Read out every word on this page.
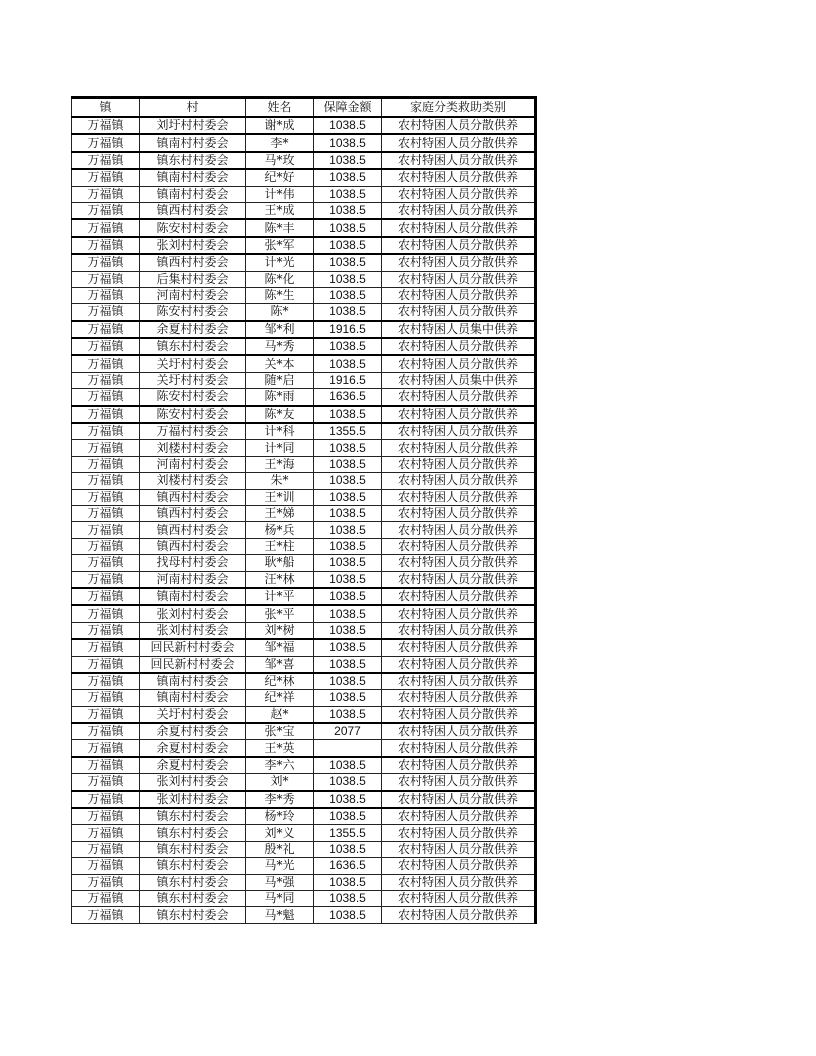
镇	村	姓名	保障金额	家庭分类救助类别
万福镇	刘圩村村委会	谢*成	1038.5	农村特困人员分散供养
万福镇	镇南村村委会	李*	1038.5	农村特困人员分散供养
万福镇	镇东村村委会	马*玫	1038.5	农村特困人员分散供养
万福镇	镇南村村委会	纪*好	1038.5	农村特困人员分散供养
万福镇	镇南村村委会	计*伟	1038.5	农村特困人员分散供养
万福镇	镇西村村委会	王*成	1038.5	农村特困人员分散供养
万福镇	陈安村村委会	陈*丰	1038.5	农村特困人员分散供养
万福镇	张刘村村委会	张*军	1038.5	农村特困人员分散供养
万福镇	镇西村村委会	计*光	1038.5	农村特困人员分散供养
万福镇	后集村村委会	陈*化	1038.5	农村特困人员分散供养
万福镇	河南村村委会	陈*生	1038.5	农村特困人员分散供养
万福镇	陈安村村委会	陈*	1038.5	农村特困人员分散供养
万福镇	余夏村村委会	邹*利	1916.5	农村特困人员集中供养
万福镇	镇东村村委会	马*秀	1038.5	农村特困人员分散供养
万福镇	关圩村村委会	关*本	1038.5	农村特困人员分散供养
万福镇	关圩村村委会	随*启	1916.5	农村特困人员集中供养
万福镇	陈安村村委会	陈*雨	1636.5	农村特困人员分散供养
万福镇	陈安村村委会	陈*友	1038.5	农村特困人员分散供养
万福镇	万福村村委会	计*科	1355.5	农村特困人员分散供养
万福镇	刘楼村村委会	计*同	1038.5	农村特困人员分散供养
万福镇	河南村村委会	王*海	1038.5	农村特困人员分散供养
万福镇	刘楼村村委会	朱*	1038.5	农村特困人员分散供养
万福镇	镇西村村委会	王*训	1038.5	农村特困人员分散供养
万福镇	镇西村村委会	王*娣	1038.5	农村特困人员分散供养
万福镇	镇西村村委会	杨*兵	1038.5	农村特困人员分散供养
万福镇	镇西村村委会	王*柱	1038.5	农村特困人员分散供养
万福镇	找母村村委会	耿*船	1038.5	农村特困人员分散供养
万福镇	河南村村委会	汪*林	1038.5	农村特困人员分散供养
万福镇	镇南村村委会	计*平	1038.5	农村特困人员分散供养
万福镇	张刘村村委会	张*平	1038.5	农村特困人员分散供养
万福镇	张刘村村委会	刘*树	1038.5	农村特困人员分散供养
万福镇	回民新村村委会	邹*福	1038.5	农村特困人员分散供养
万福镇	回民新村村委会	邹*喜	1038.5	农村特困人员分散供养
万福镇	镇南村村委会	纪*林	1038.5	农村特困人员分散供养
万福镇	镇南村村委会	纪*祥	1038.5	农村特困人员分散供养
万福镇	关圩村村委会	赵*	1038.5	农村特困人员分散供养
万福镇	余夏村村委会	张*宝	2077	农村特困人员分散供养
万福镇	余夏村村委会	王*英		农村特困人员分散供养
万福镇	余夏村村委会	李*六	1038.5	农村特困人员分散供养
万福镇	张刘村村委会	刘*	1038.5	农村特困人员分散供养
万福镇	张刘村村委会	李*秀	1038.5	农村特困人员分散供养
万福镇	镇东村村委会	杨*玲	1038.5	农村特困人员分散供养
万福镇	镇东村村委会	刘*义	1355.5	农村特困人员分散供养
万福镇	镇东村村委会	殷*礼	1038.5	农村特困人员分散供养
万福镇	镇东村村委会	马*光	1636.5	农村特困人员分散供养
万福镇	镇东村村委会	马*强	1038.5	农村特困人员分散供养
万福镇	镇东村村委会	马*同	1038.5	农村特困人员分散供养
万福镇	镇东村村委会	马*魁	1038.5	农村特困人员分散供养
